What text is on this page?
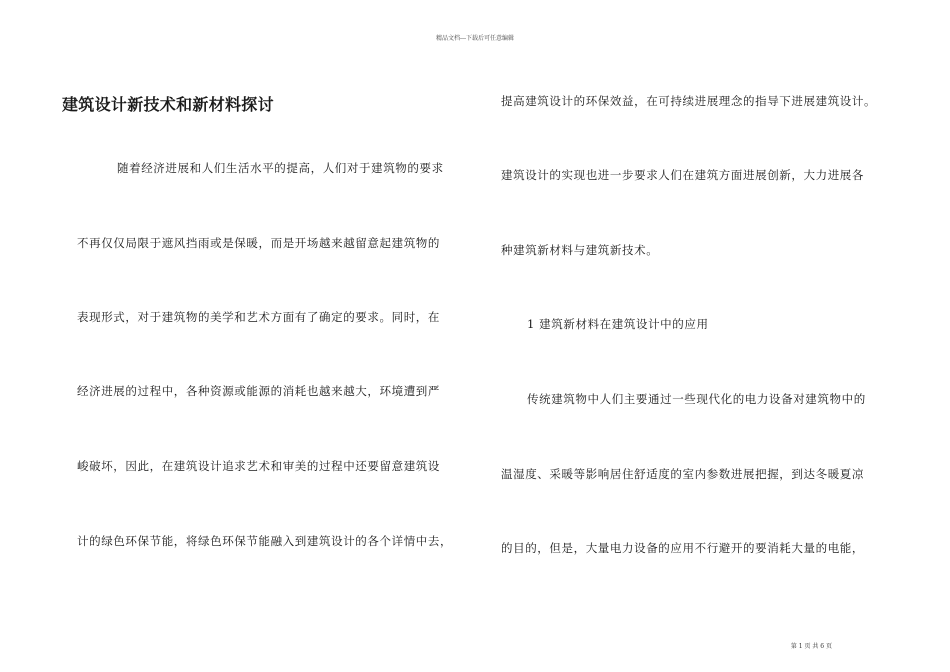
精品文档---下载后可任意编辑
建筑设计新技术和新材料探讨

随着经济进展和人们生活水平的提高，人们对于建筑物的要求

不再仅仅局限于遮风挡雨或是保暖，而是开场越来越留意起建筑物的

表现形式，对于建筑物的美学和艺术方面有了确定的要求。同时，在

经济进展的过程中，各种资源或能源的消耗也越来越大，环境遭到严

峻破坏，因此，在建筑设计追求艺术和审美的过程中还要留意建筑设

计的绿色环保节能，将绿色环保节能融入到建筑设计的各个详情中去，

提高建筑设计的环保效益，在可持续进展理念的指导下进展建筑设计。

建筑设计的实现也进一步要求人们在建筑方面进展创新，大力进展各

种建筑新材料与建筑新技术。

1 建筑新材料在建筑设计中的应用

传统建筑物中人们主要通过一些现代化的电力设备对建筑物中的

温湿度、采暖等影响居住舒适度的室内参数进展把握，到达冬暖夏凉

的目的，但是，大量电力设备的应用不行避开的要消耗大量的电能，

第 1 页 共 6 页
